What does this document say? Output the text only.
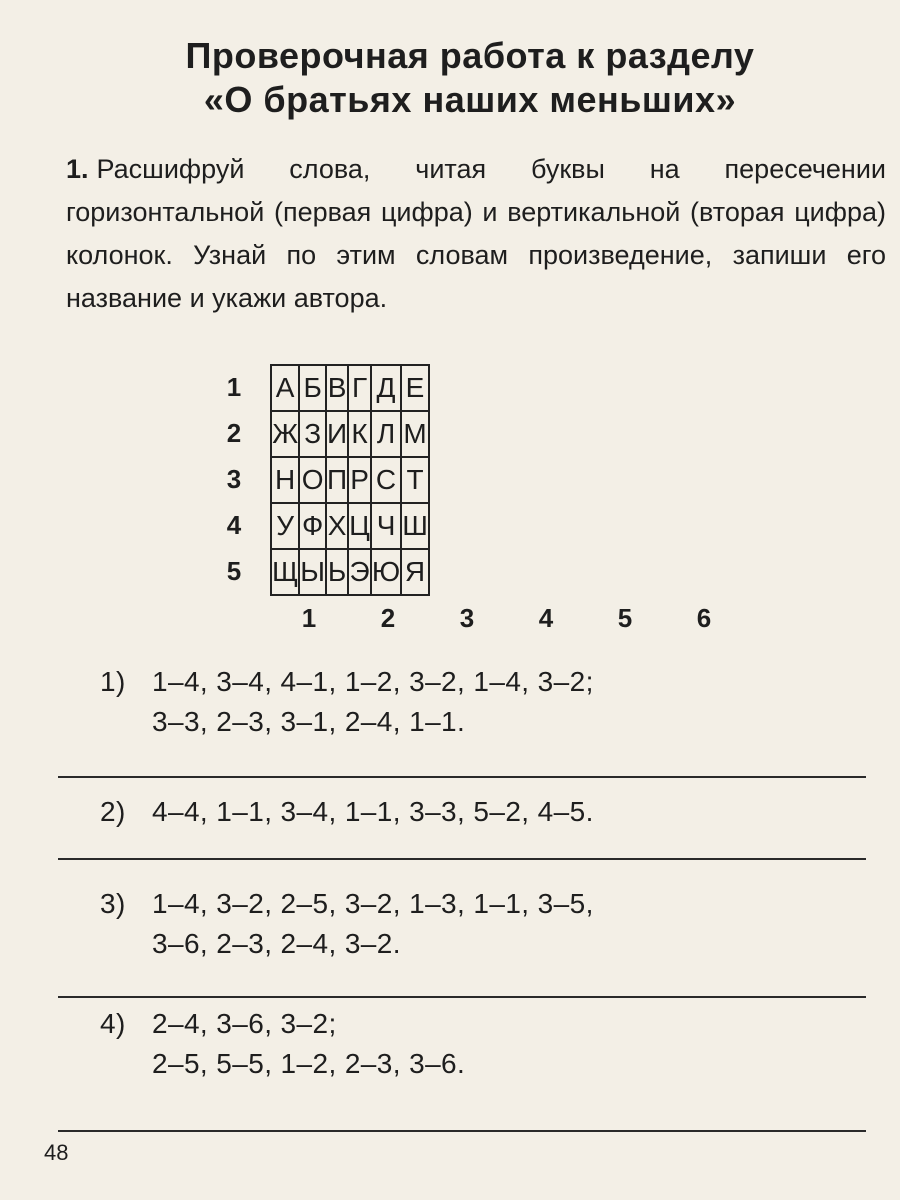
Проверочная работа к разделу
«О братьях наших меньших»
1. Расшифруй слова, читая буквы на пересечении горизонтальной (первая цифра) и вертикальной (вторая цифра) колонок. Узнай по этим словам произведение, запиши его название и укажи автора.
1
2
3
4
5
А	Б	В	Г	Д	Е
Ж	З	И	К	Л	М
Н	О	П	Р	С	Т
У	Ф	Х	Ц	Ч	Ш
Щ	Ы	Ь	Э	Ю	Я
1	2	3	4	5	6
1) 1–4, 3–4, 4–1, 1–2, 3–2, 1–4, 3–2;
3–3, 2–3, 3–1, 2–4, 1–1.
2) 4–4, 1–1, 3–4, 1–1, 3–3, 5–2, 4–5.
3) 1–4, 3–2, 2–5, 3–2, 1–3, 1–1, 3–5,
3–6, 2–3, 2–4, 3–2.
4) 2–4, 3–6, 3–2;
2–5, 5–5, 1–2, 2–3, 3–6.
48
